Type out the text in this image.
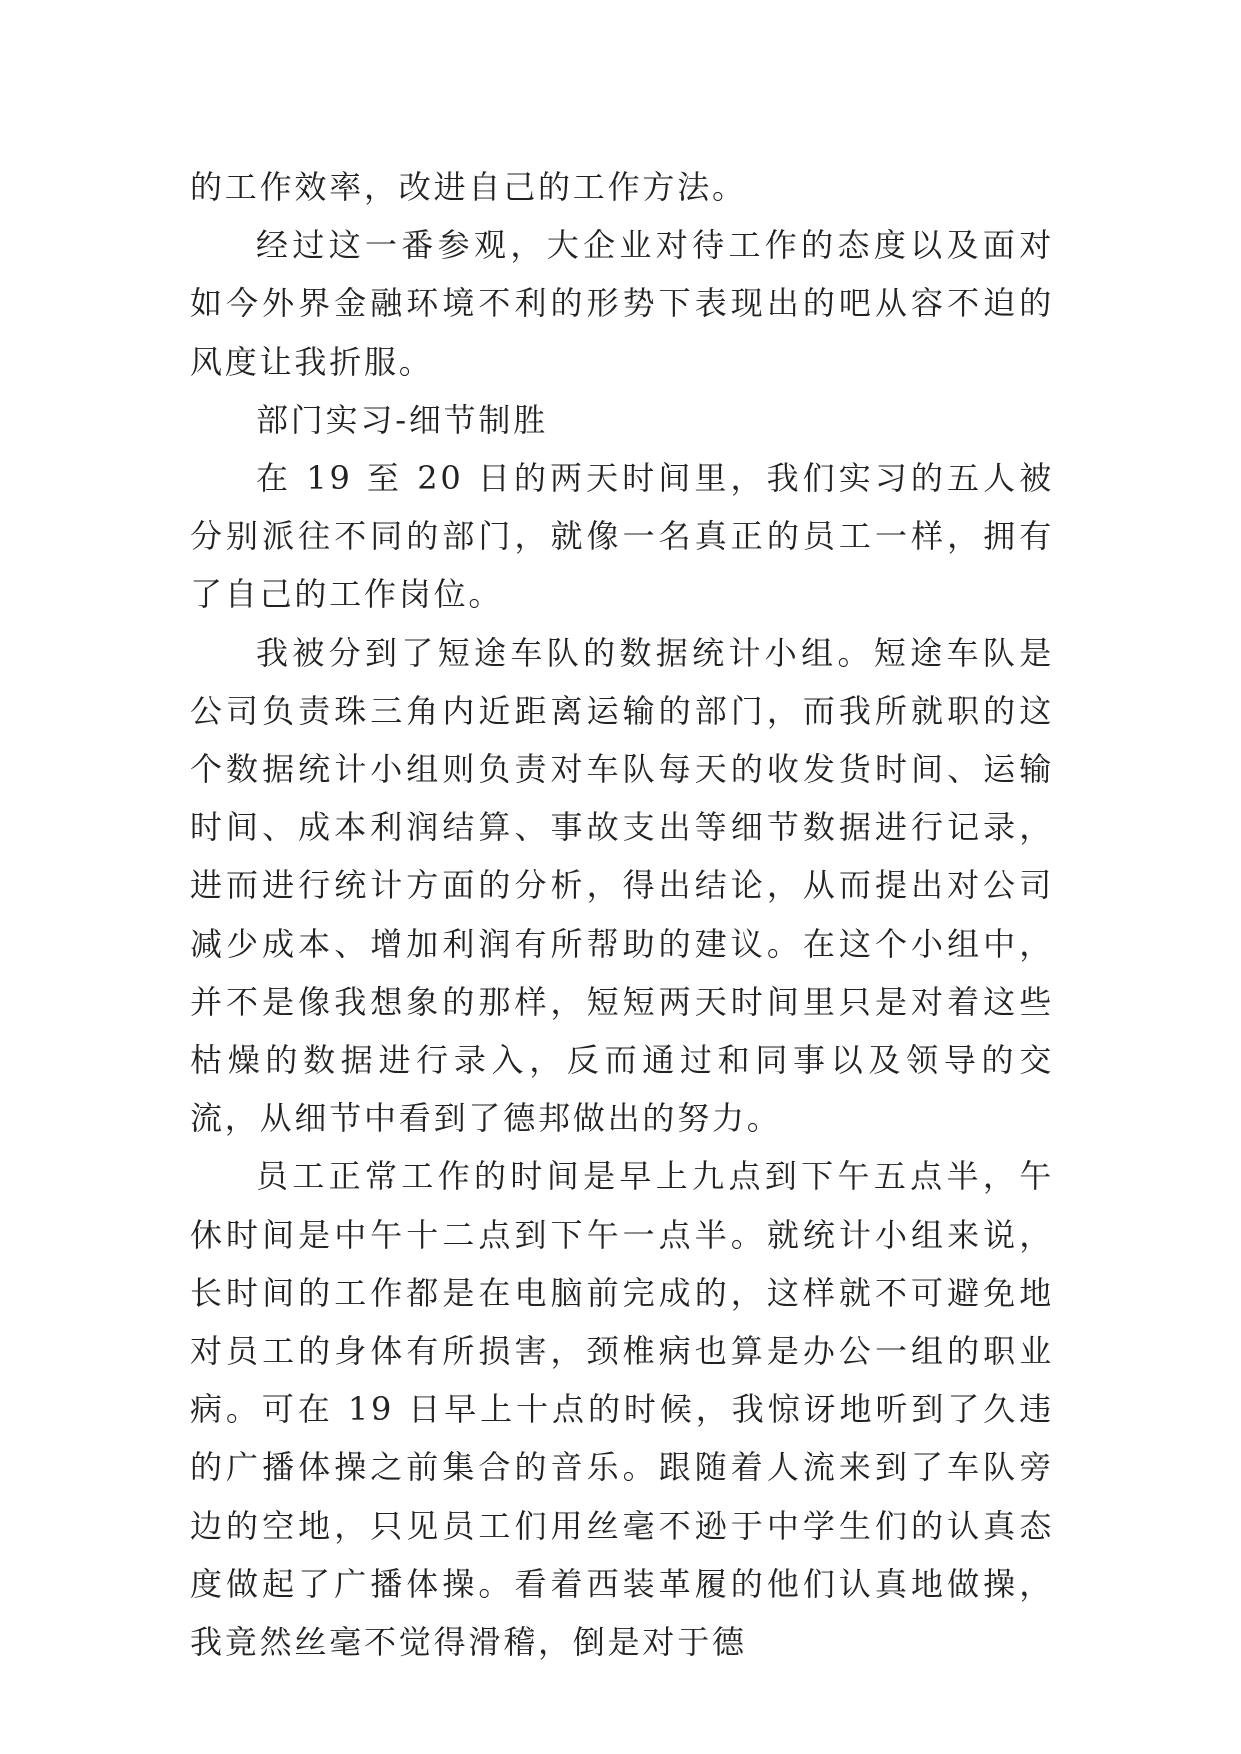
的工作效率，改进自己的工作方法。

经过这一番参观，大企业对待工作的态度以及面对如今外界金融环境不利的形势下表现出的吧从容不迫的风度让我折服。

部门实习-细节制胜

在 19 至 20 日的两天时间里，我们实习的五人被分别派往不同的部门，就像一名真正的员工一样，拥有了自己的工作岗位。

我被分到了短途车队的数据统计小组。短途车队是公司负责珠三角内近距离运输的部门，而我所就职的这个数据统计小组则负责对车队每天的收发货时间、运输时间、成本利润结算、事故支出等细节数据进行记录，进而进行统计方面的分析，得出结论，从而提出对公司减少成本、增加利润有所帮助的建议。在这个小组中，并不是像我想象的那样，短短两天时间里只是对着这些枯燥的数据进行录入，反而通过和同事以及领导的交流，从细节中看到了德邦做出的努力。

员工正常工作的时间是早上九点到下午五点半，午休时间是中午十二点到下午一点半。就统计小组来说，长时间的工作都是在电脑前完成的，这样就不可避免地对员工的身体有所损害，颈椎病也算是办公一组的职业病。可在 19 日早上十点的时候，我惊讶地听到了久违的广播体操之前集合的音乐。跟随着人流来到了车队旁边的空地，只见员工们用丝毫不逊于中学生们的认真态度做起了广播体操。看着西装革履的他们认真地做操，我竟然丝毫不觉得滑稽，倒是对于德
